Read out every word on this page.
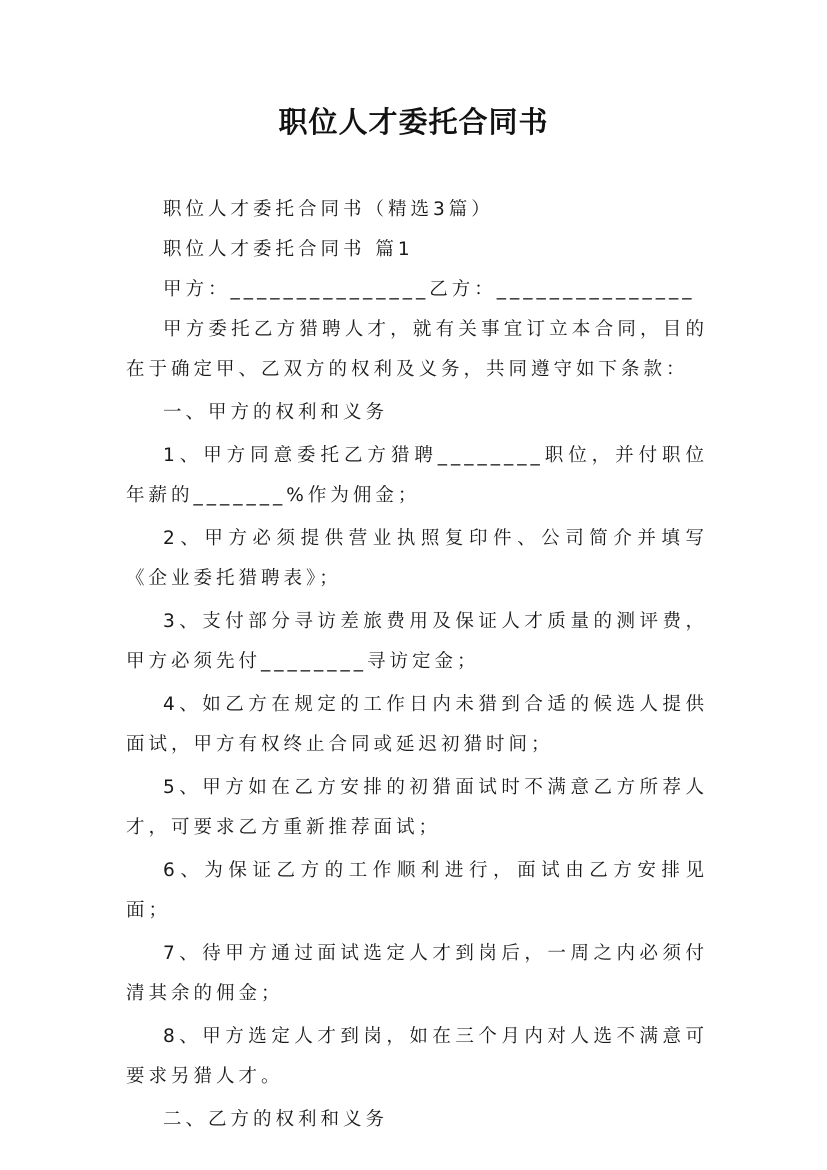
职位人才委托合同书

职位人才委托合同书（精选3篇）

职位人才委托合同书 篇1

甲方：_______________乙方：_______________

甲方委托乙方猎聘人才，就有关事宜订立本合同，目的在于确定甲、乙双方的权利及义务，共同遵守如下条款：

一、甲方的权利和义务

1、甲方同意委托乙方猎聘________职位，并付职位年薪的_______%作为佣金；

2、甲方必须提供营业执照复印件、公司简介并填写《企业委托猎聘表》；

3、支付部分寻访差旅费用及保证人才质量的测评费，甲方必须先付________寻访定金；

4、如乙方在规定的工作日内未猎到合适的候选人提供面试，甲方有权终止合同或延迟初猎时间；

5、甲方如在乙方安排的初猎面试时不满意乙方所荐人才，可要求乙方重新推荐面试；

6、为保证乙方的工作顺利进行，面试由乙方安排见面；

7、待甲方通过面试选定人才到岗后，一周之内必须付清其余的佣金；

8、甲方选定人才到岗，如在三个月内对人选不满意可要求另猎人才。

二、乙方的权利和义务
